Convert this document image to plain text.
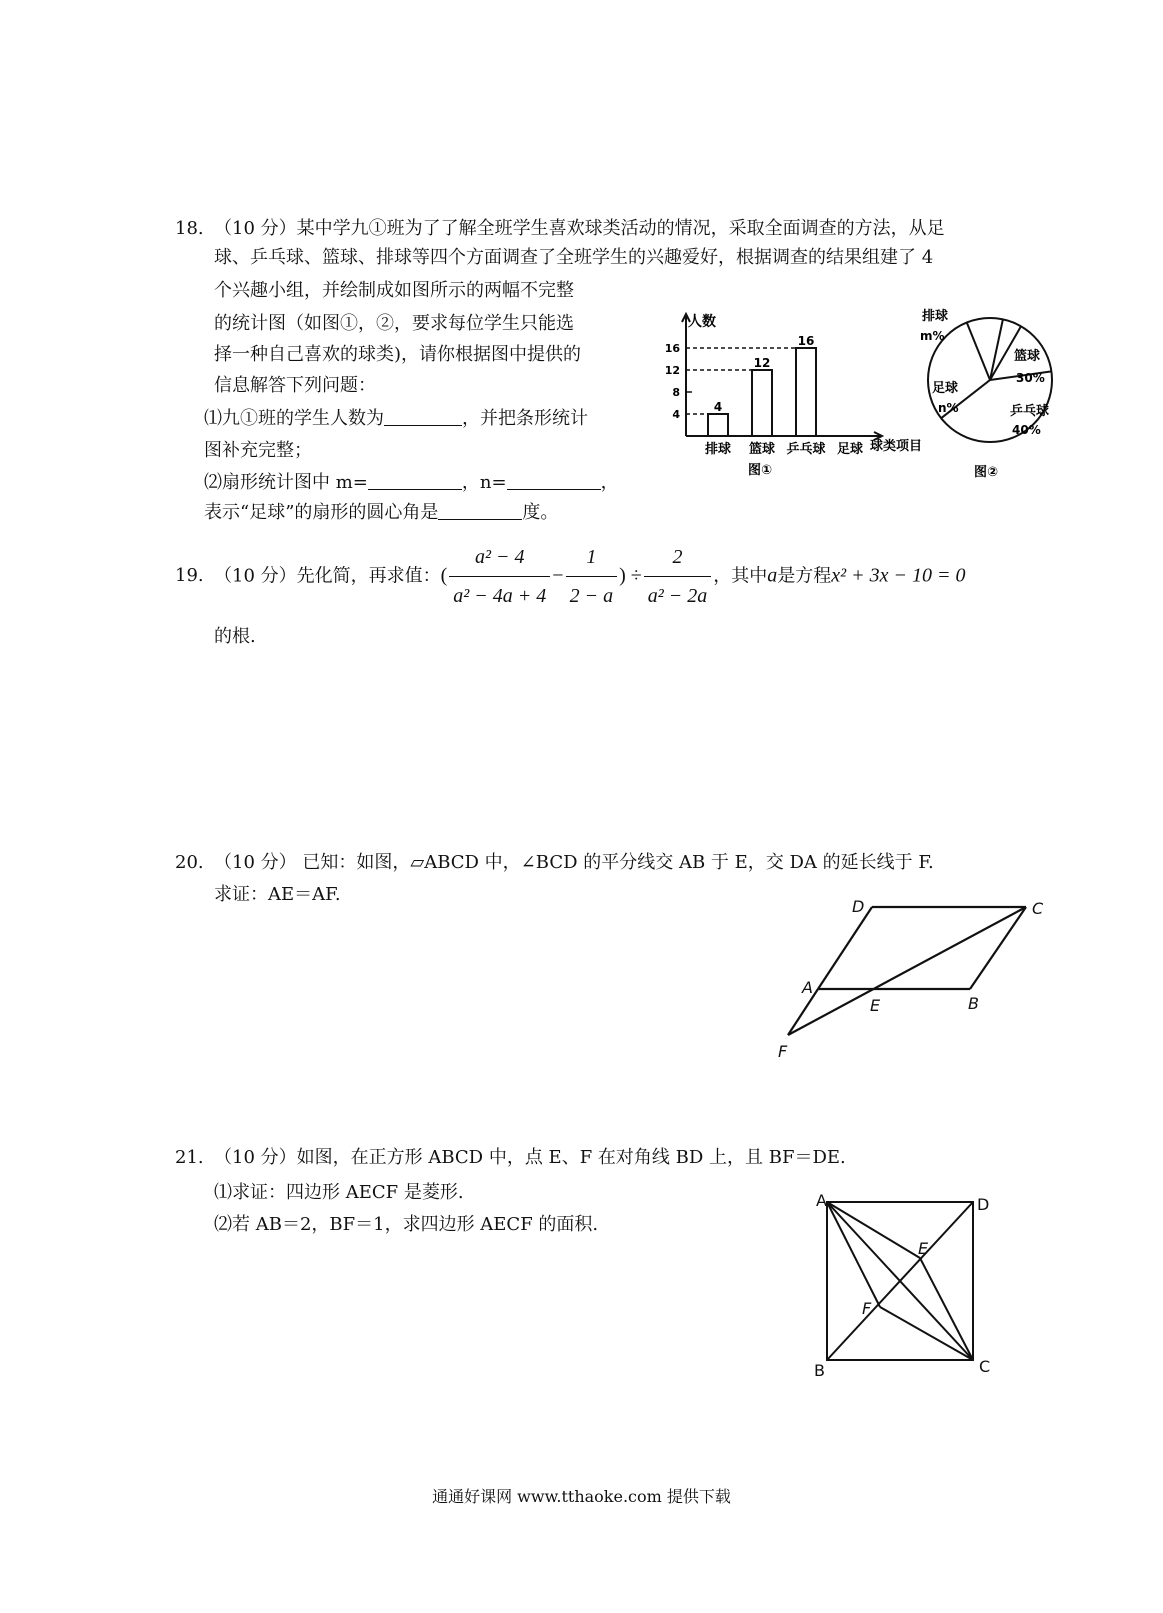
18. （10 分）某中学九①班为了了解全班学生喜欢球类活动的情况，采取全面调查的方法，从足
球、乒乓球、篮球、排球等四个方面调查了全班学生的兴趣爱好，根据调查的结果组建了 4
个兴趣小组，并绘制成如图所示的两幅不完整
的统计图（如图①，②，要求每位学生只能选
择一种自己喜欢的球类)，请你根据图中提供的
信息解答下列问题：
⑴九①班的学生人数为	，并把条形统计
图补充完整；
⑵扇形统计图中 m=	，n=	，
表示“足球”的扇形的圆心角是	度。
4
8
12
16
排球 篮球 乒乓球 足球
4
12
16
人数
球类项目
图①
篮球
30%
乒乓球
40%
足球
n%
排球
m%
图②
19. （10 分）先化简，再求值：( $\frac{\text{a² − 4}}{\text{a² − 4a + 4}} - \frac{1}{2 - a}$ ) ÷ $\frac{2}{\text{a² − 2a}}$ ，其中a是方程x² + 3x − 10 = 0
的根.
20. （10 分） 已知：如图，▱ABCD 中，∠BCD 的平分线交 AB 于 E，交 DA 的延长线于 F.
求证：AE＝AF.
D	C
A
E	B
F
21. （10 分）如图，在正方形 ABCD 中，点 E、F 在对角线 BD 上，且 BF＝DE.
⑴求证：四边形 AECF 是菱形.
⑵若 AB＝2，BF＝1，求四边形 AECF 的面积.
A	D
E
F
B	C
通通好课网 www.tthaoke.com 提供下载
